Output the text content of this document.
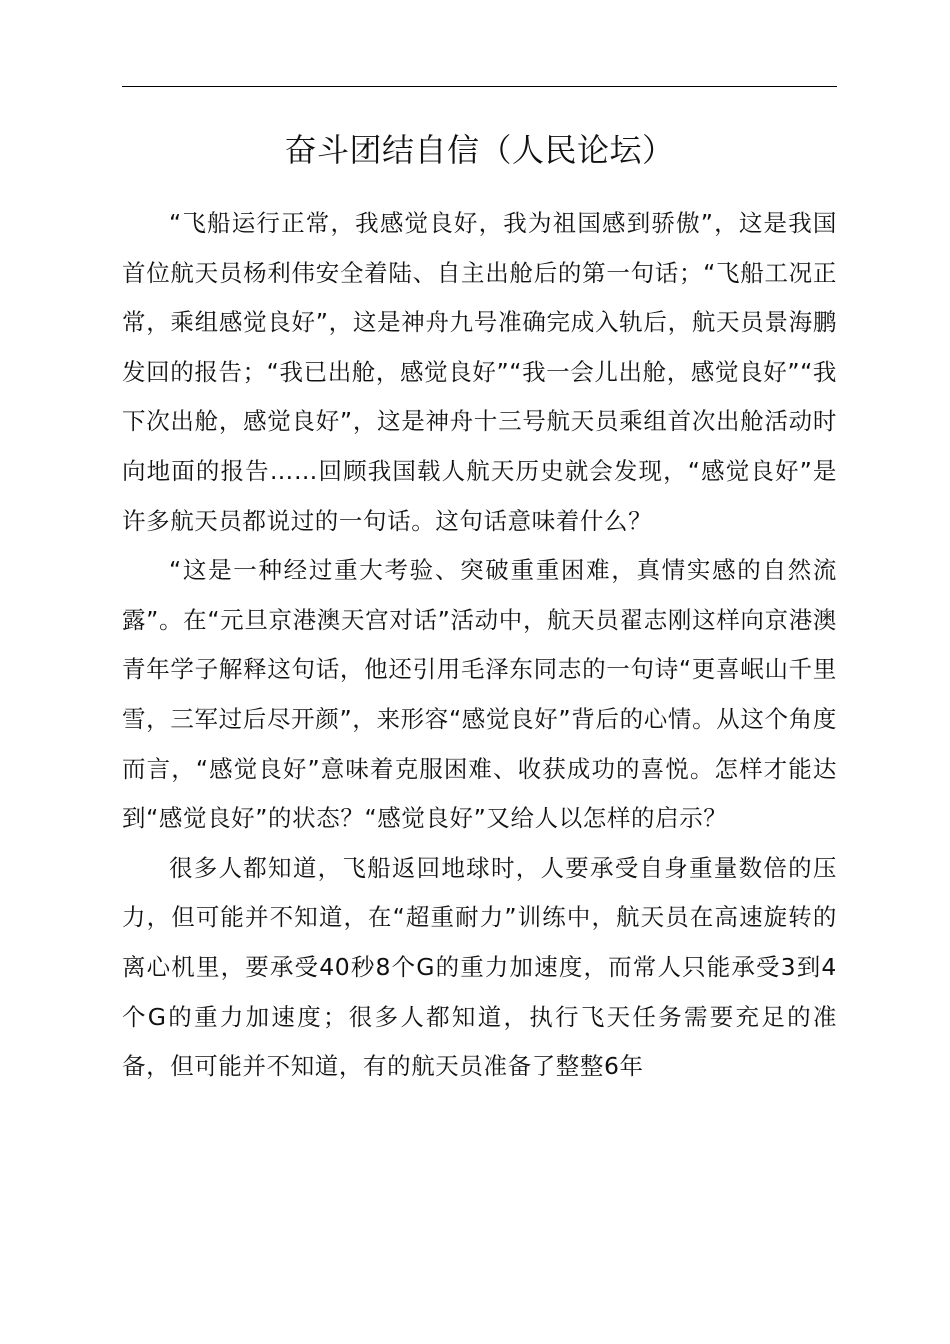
奋斗团结自信（人民论坛）

“飞船运行正常，我感觉良好，我为祖国感到骄傲”，这是我国首位航天员杨利伟安全着陆、自主出舱后的第一句话；“飞船工况正常，乘组感觉良好”，这是神舟九号准确完成入轨后，航天员景海鹏发回的报告；“我已出舱，感觉良好”“我一会儿出舱，感觉良好”“我下次出舱，感觉良好”，这是神舟十三号航天员乘组首次出舱活动时向地面的报告……回顾我国载人航天历史就会发现，“感觉良好”是许多航天员都说过的一句话。这句话意味着什么？

“这是一种经过重大考验、突破重重困难，真情实感的自然流露”。在“元旦京港澳天宫对话”活动中，航天员翟志刚这样向京港澳青年学子解释这句话，他还引用毛泽东同志的一句诗“更喜岷山千里雪，三军过后尽开颜”，来形容“感觉良好”背后的心情。从这个角度而言，“感觉良好”意味着克服困难、收获成功的喜悦。怎样才能达到“感觉良好”的状态？“感觉良好”又给人以怎样的启示？

很多人都知道，飞船返回地球时，人要承受自身重量数倍的压力，但可能并不知道，在“超重耐力”训练中，航天员在高速旋转的离心机里，要承受40秒8个G的重力加速度，而常人只能承受3到4个G的重力加速度；很多人都知道，执行飞天任务需要充足的准备，但可能并不知道，有的航天员准备了整整6年
